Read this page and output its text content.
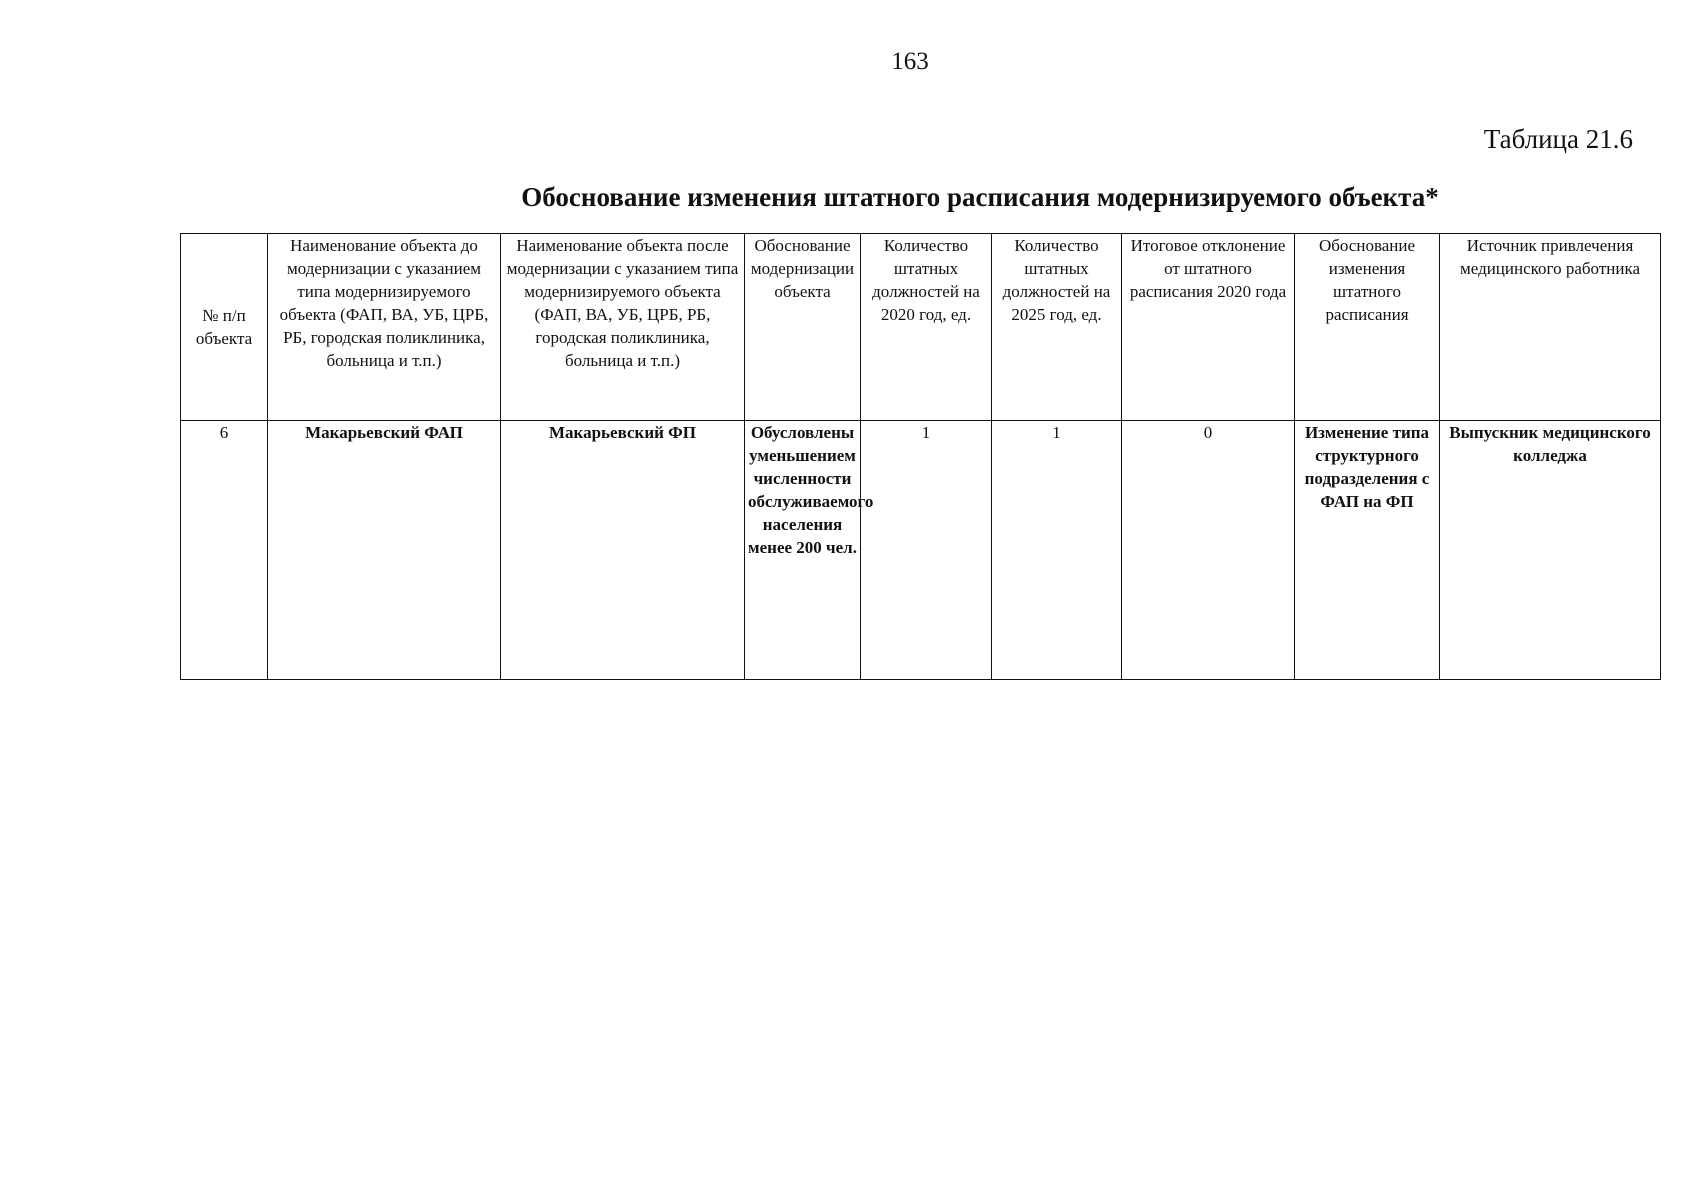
163
Таблица 21.6
Обоснование изменения штатного расписания модернизируемого объекта*
№ п/п объекта	Наименование объекта до модернизации с указанием типа модернизируемого объекта (ФАП, ВА, УБ, ЦРБ, РБ, городская поликлиника, больница и т.п.)	Наименование объекта после модернизации с указанием типа модернизируемого объекта (ФАП, ВА, УБ, ЦРБ, РБ, городская поликлиника, больница и т.п.)	Обоснование модернизации объекта	Количество штатных должностей на 2020 год, ед.	Количество штатных должностей на 2025 год, ед.	Итоговое отклонение от штатного расписания 2020 года	Обоснование изменения штатного расписания	Источник привлечения медицинского работника
6	Макарьевский ФАП	Макарьевский ФП	Обусловлены уменьшением численности обслуживаемого населения менее 200 чел.	1	1	0	Изменение типа структурного подразделения с ФАП на ФП	Выпускник медицинского колледжа
